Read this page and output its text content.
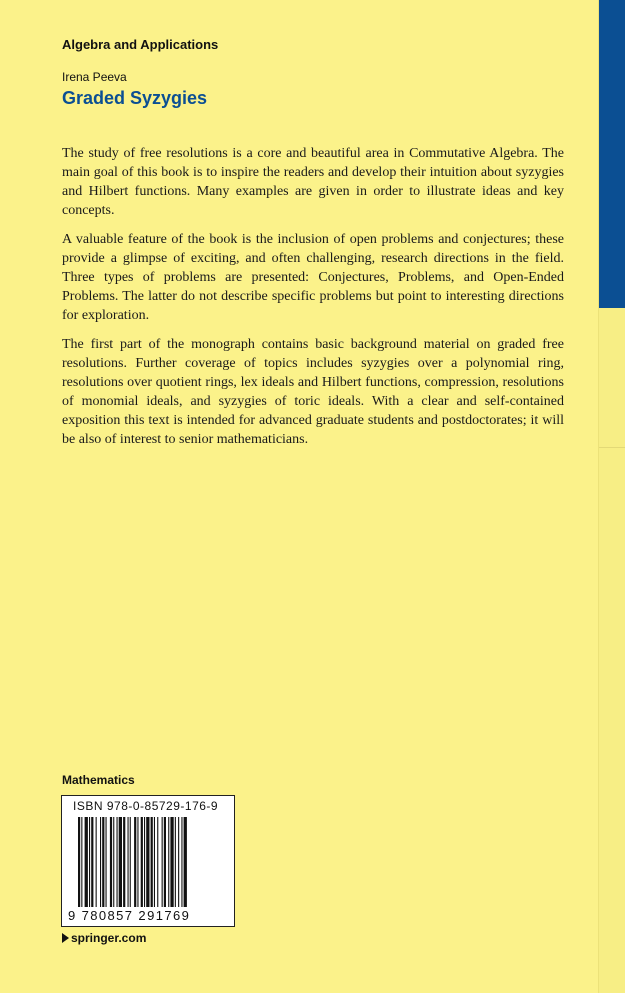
Algebra and Applications
Irena Peeva
Graded Syzygies

The study of free resolutions is a core and beautiful area in Commutative Algebra. The main goal of this book is to inspire the readers and develop their intuition about syzygies and Hilbert functions. Many examples are given in order to illustrate ideas and key concepts.

A valuable feature of the book is the inclusion of open problems and conjectures; these provide a glimpse of exciting, and often challenging, research directions in the field. Three types of problems are presented: Conjectures, Problems, and Open-Ended Problems. The latter do not describe specific problems but point to interesting directions for exploration.

The first part of the monograph contains basic background material on graded free resolutions. Further coverage of topics includes syzygies over a polynomial ring, resolutions over quotient rings, lex ideals and Hilbert functions, compression, resolutions of monomial ideals, and syzygies of toric ideals. With a clear and self-contained exposition this text is intended for advanced graduate students and postdoctorates; it will be also of interest to senior mathematicians.

Mathematics
ISBN 978-0-85729-176-9
9 780857 291769
springer.com
